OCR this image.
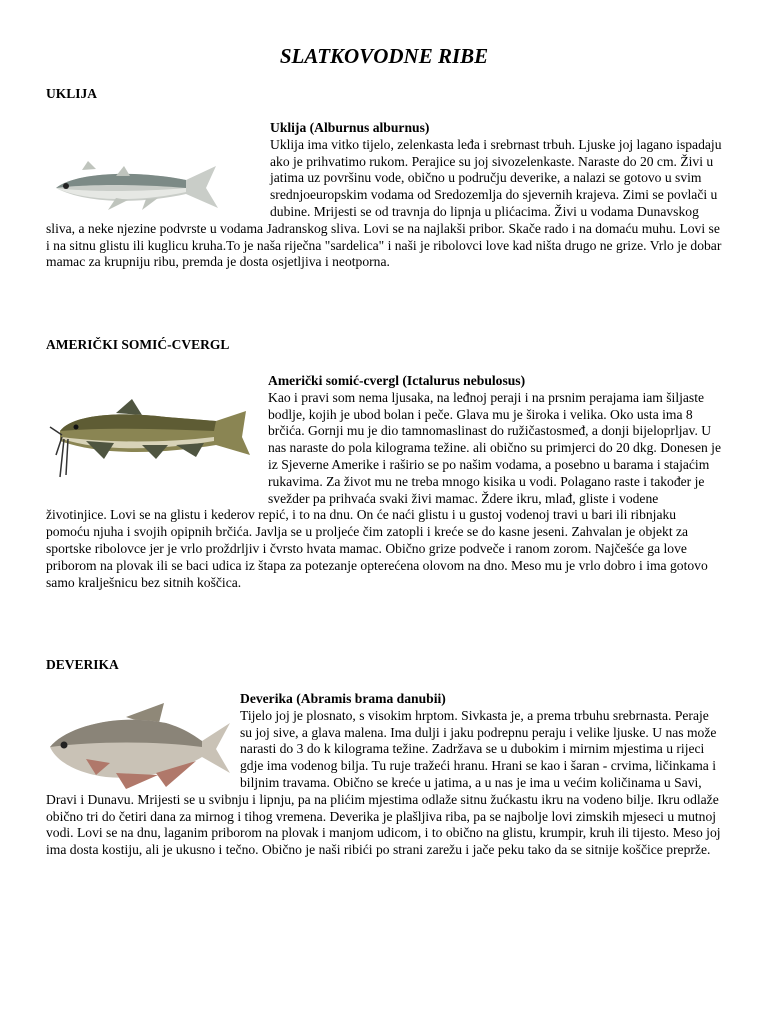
SLATKOVODNE RIBE
UKLIJA
Uklija (Alburnus alburnus)
Uklija ima vitko tijelo, zelenkasta leđa i srebrnast trbuh. Ljuske joj lagano ispadaju ako je prihvatimo rukom. Perajice su joj sivozelenkaste. Naraste do 20 cm. Živi u jatima uz površinu vode, obično u području deverike, a nalazi se gotovo u svim srednjoeuropskim vodama od Sredozemlja do sjevernih krajeva. Zimi se povlači u dubine. Mrijesti se od travnja do lipnja u plićacima. Živi u vodama Dunavskog sliva, a neke njezine podvrste u vodama Jadranskog sliva. Lovi se na najlakši pribor. Skače rado i na domaću muhu. Lovi se i na sitnu glistu ili kuglicu kruha.To je naša riječna "sardelica" i naši je ribolovci love kad ništa drugo ne grize. Vrlo je dobar mamac za krupniju ribu, premda je dosta osjetljiva i neotporna.
AMERIČKI SOMIĆ-CVERGL
Američki somić-cvergl (Ictalurus nebulosus)
Kao i pravi som nema ljusaka, na leđnoj peraji i na prsnim perajama iam šiljaste bodlje, kojih je ubod bolan i peče. Glava mu je široka i velika. Oko usta ima 8 brčića. Gornji mu je dio tamnomaslinast do ružičastosmeđ, a donji bijeloprljav. U nas naraste do pola kilograma težine. ali obično su primjerci do 20 dkg. Donesen je iz Sjeverne Amerike i raširio se po našim vodama, a posebno u barama i stajaćim rukavima. Za život mu ne treba mnogo kisika u vodi. Polagano raste i također je svežder pa prihvaća svaki živi mamac. Ždere ikru, mlađ, gliste i vodene životinjice. Lovi se na glistu i kederov repić, i to na dnu. On će naći glistu i u gustoj vodenoj travi u bari ili ribnjaku pomoću njuha i svojih opipnih brčića. Javlja se u proljeće čim zatopli i kreće se do kasne jeseni. Zahvalan je objekt za sportske ribolovce jer je vrlo proždrljiv i čvrsto hvata mamac. Obično grize podveče i ranom zorom. Najčešće ga love priborom na plovak ili se baci udica iz štapa za potezanje opterećena olovom na dno. Meso mu je vrlo dobro i ima gotovo samo kralješnicu bez sitnih koščica.
DEVERIKA
Deverika (Abramis brama danubii)
Tijelo joj je plosnato, s visokim hrptom. Sivkasta je, a prema trbuhu srebrnasta. Peraje su joj sive, a glava malena. Ima dulji i jaku podrepnu peraju i velike ljuske. U nas može narasti do 3 do k kilograma težine. Zadržava se u dubokim i mirnim mjestima u rijeci gdje ima vodenog bilja. Tu ruje tražeći hranu. Hrani se kao i šaran - crvima, ličinkama i biljnim travama. Obično se kreće u jatima, a u nas je ima u većim količinama u Savi, Dravi i Dunavu. Mrijesti se u svibnju i lipnju, pa na plićim mjestima odlaže sitnu žućkastu ikru na vodeno bilje. Ikru odlaže obično tri do četiri dana za mirnog i tihog vremena. Deverika je plašljiva riba, pa se najbolje lovi zimskih mjeseci u mutnoj vodi. Lovi se na dnu, laganim priborom na plovak i manjom udicom, i to obično na glistu, krumpir, kruh ili tijesto. Meso joj ima dosta kostiju, ali je ukusno i tečno. Obično je naši ribići po strani zarežu i jače peku tako da se sitnije koščice preprže.
